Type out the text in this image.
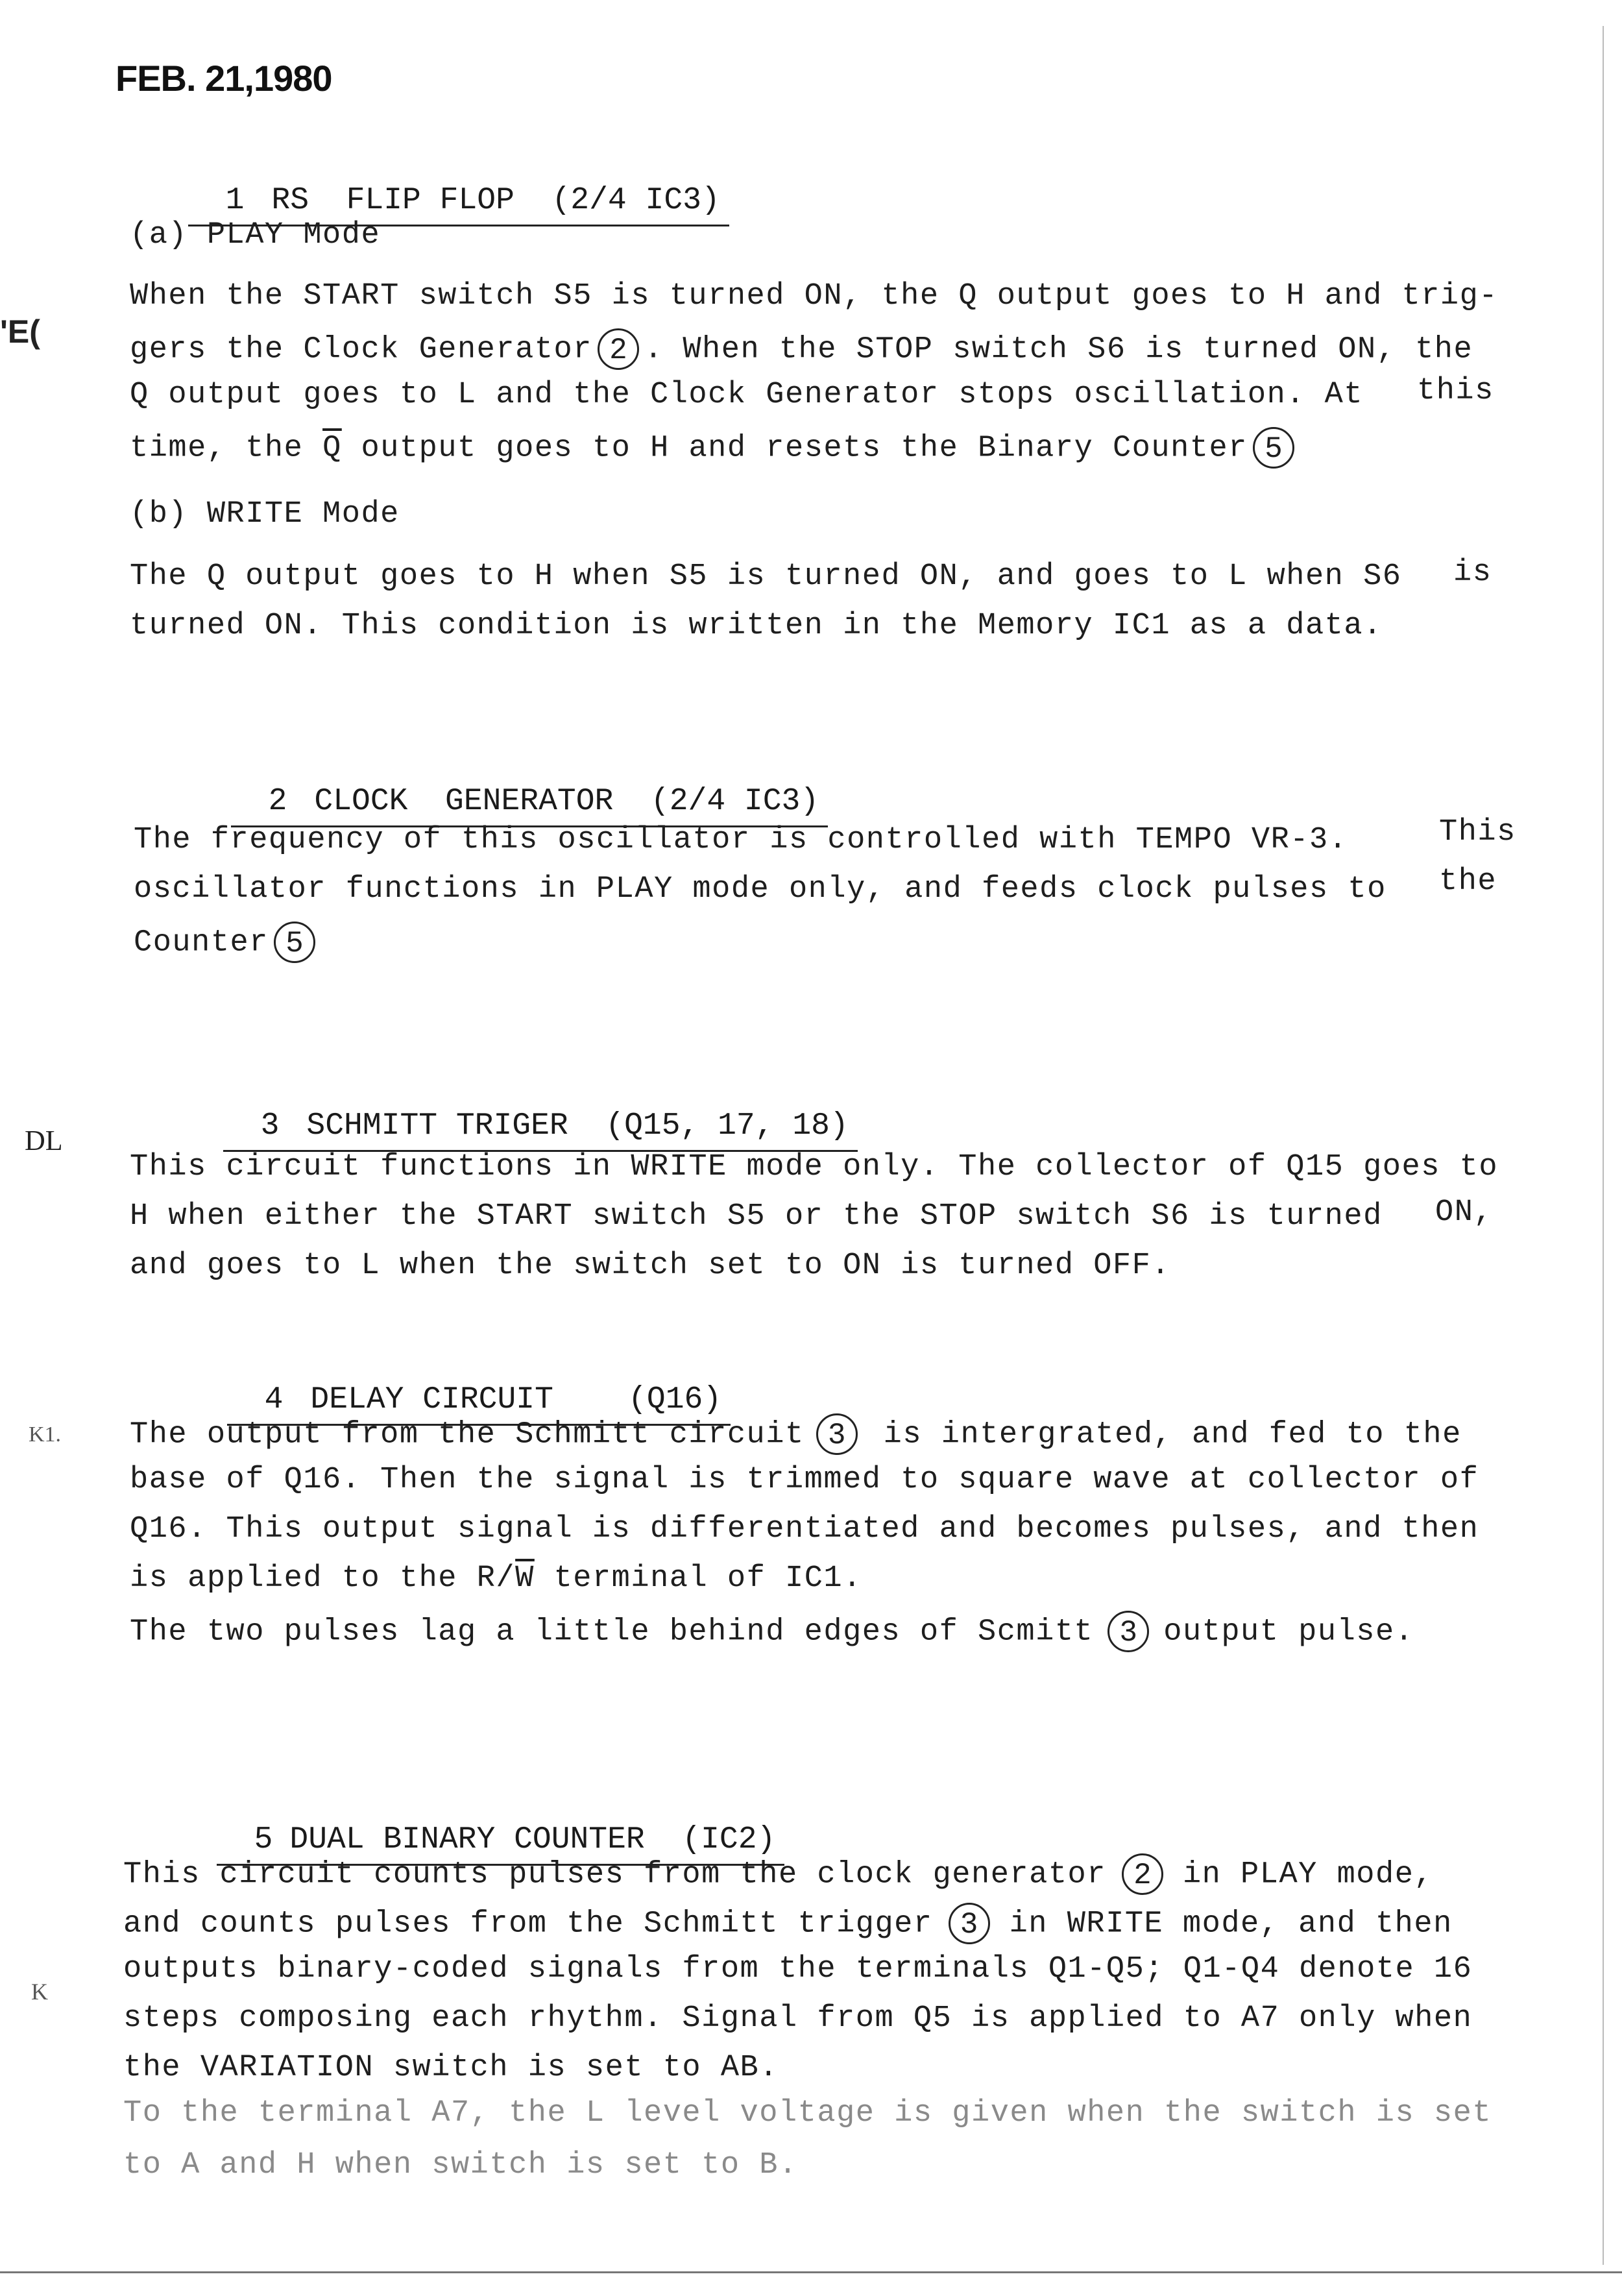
FEB. 21,1980
'E(
DL
K1.
K

1 RS  FLIP FLOP  (2/4 IC3)

(a) PLAY Mode
When the START switch S5 is turned ON, the Q output goes to H and trig-
gers the Clock Generator 2 . When the STOP switch S6 is turned ON, the
Q output goes to L and the Clock Generator stops oscillation. At this
time, the $\overline{Q}$ output goes to H and resets the Binary Counter 5
(b) WRITE Mode
The Q output goes to H when S5 is turned ON, and goes to L when S6 is
turned ON. This condition is written in the Memory IC1 as a data.

2 CLOCK  GENERATOR  (2/4 IC3)

The frequency of this oscillator is controlled with TEMPO VR-3.	This
oscillator functions in PLAY mode only, and feeds clock pulses to the
Counter 5

3 SCHMITT TRIGER  (Q15, 17, 18)

This circuit functions in WRITE mode only. The collector of Q15 goes to
H when either the START switch S5 or the STOP switch S6 is turned ON,
and goes to L when the switch set to ON is turned OFF.

4 DELAY CIRCUIT    (Q16)

The output from the Schmitt circuit 3 is intergrated, and fed to the
base of Q16. Then the signal is trimmed to square wave at collector of
Q16. This output signal is differentiated and becomes pulses, and then
is applied to the $R/\overline{W}$ terminal of IC1.
The two pulses lag a little behind edges of Scmitt 3 output pulse.

5 DUAL BINARY COUNTER  (IC2)

This circuit counts pulses from the clock generator 2 in PLAY mode,
and counts pulses from the Schmitt trigger 3 in WRITE mode, and then
outputs binary-coded signals from the terminals Q1-Q5; Q1-Q4 denote 16
steps composing each rhythm. Signal from Q5 is applied to A7 only when
the VARIATION switch is set to AB.
To the terminal A7, the L level voltage is given when the switch is set
to A and H when switch is set to B.
